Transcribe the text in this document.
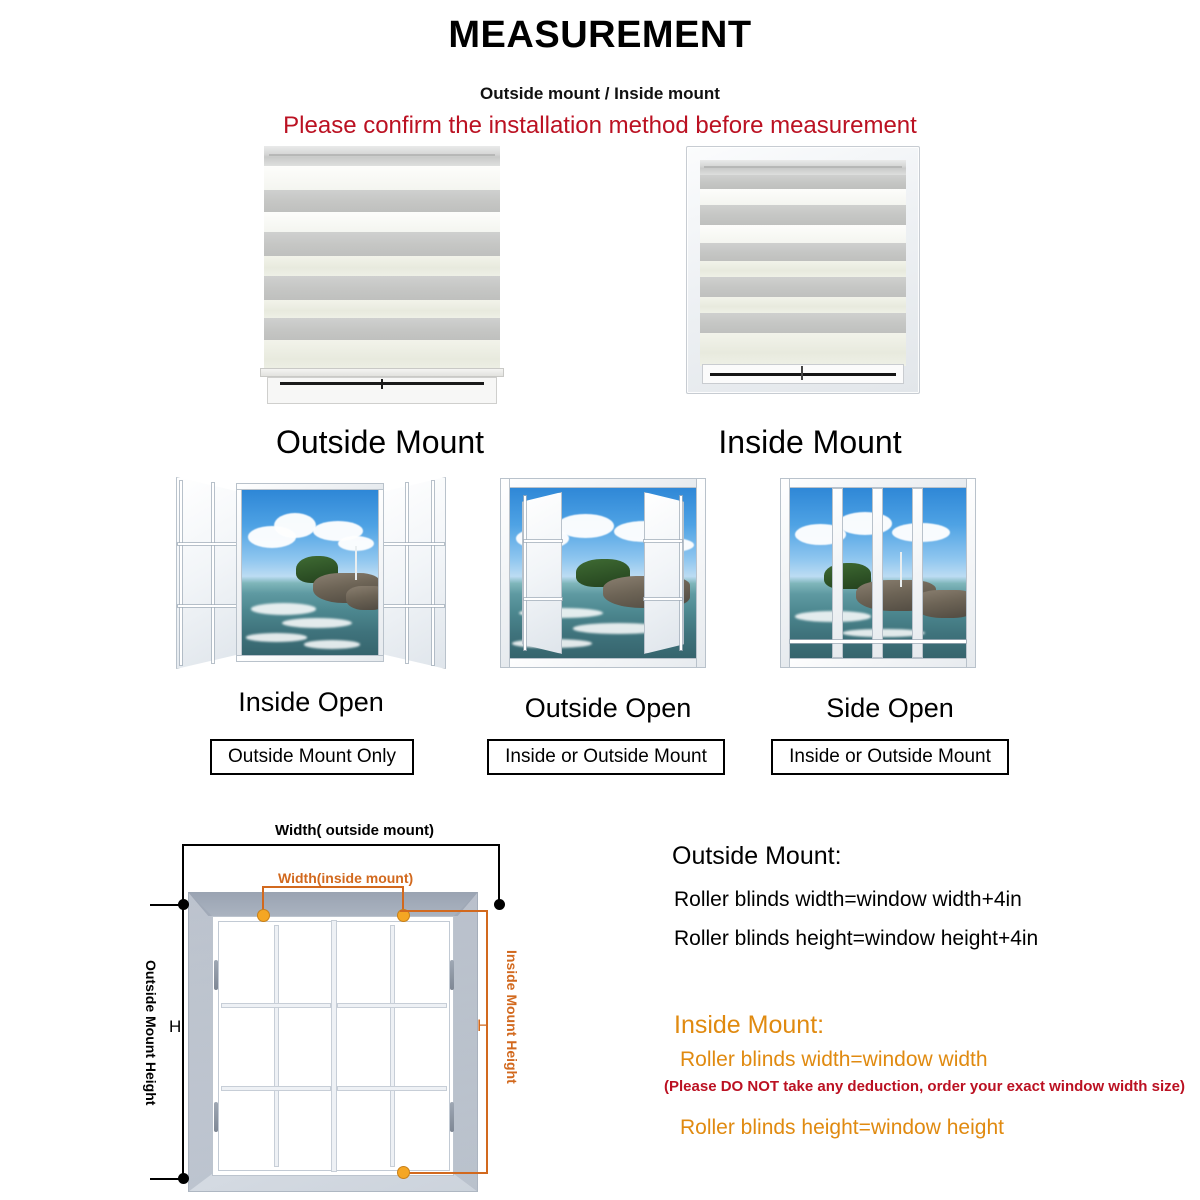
MEASUREMENT
Outside mount / Inside mount
Please confirm the installation method before measurement
Outside Mount	Inside Mount
Inside Open	Outside Open	Side Open
Outside Mount Only	Inside or Outside Mount	Inside or Outside Mount
Width( outside mount)
Width(inside mount)
Outside Mount Height H	Inside Mount Height
H
Outside Mount:
Roller blinds width=window width+4in
Roller blinds height=window height+4in
Inside Mount:
Roller blinds width=window width
(Please DO NOT take any deduction, order your exact window width size)
Roller blinds height=window height
